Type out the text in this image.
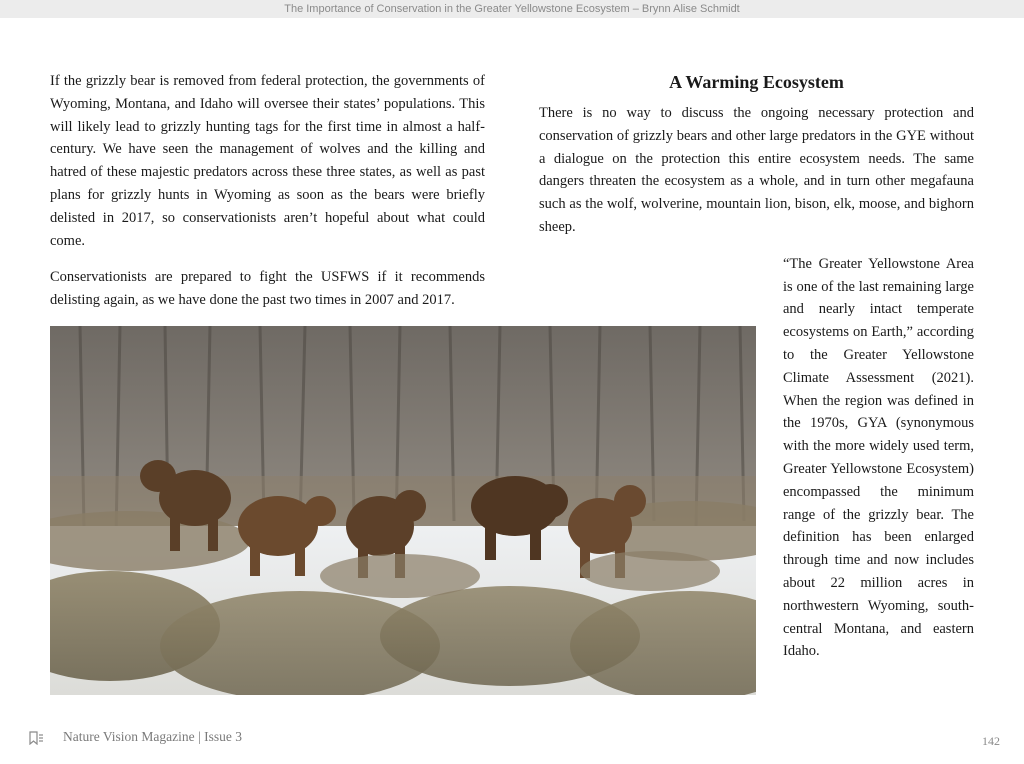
The Importance of Conservation in the Greater Yellowstone Ecosystem – Brynn Alise Schmidt

If the grizzly bear is removed from federal protection, the governments of Wyoming, Montana, and Idaho will oversee their states’ populations. This will likely lead to grizzly hunting tags for the first time in almost a half-century. We have seen the management of wolves and the killing and hatred of these majestic predators across these three states, as well as past plans for grizzly hunts in Wyoming as soon as the bears were briefly delisted in 2017, so conservationists aren’t hopeful about what could come.

Conservationists are prepared to fight the USFWS if it recommends delisting again, as we have done the past two times in 2007 and 2017.

A Warming Ecosystem

There is no way to discuss the ongoing necessary protection and conservation of grizzly bears and other large predators in the GYE without a dialogue on the protection this entire ecosystem needs. The same dangers threaten the ecosystem as a whole, and in turn other megafauna such as the wolf, wolverine, mountain lion, bison, elk, moose, and bighorn sheep.

“The Greater Yellowstone Area is one of the last remaining large and nearly intact temperate ecosystems on Earth,” according to the Greater Yellowstone Climate Assessment (2021). When the region was defined in the 1970s, GYA (synonymous with the more widely used term, Greater Yellowstone Ecosystem) encompassed the minimum range of the grizzly bear. The definition has been enlarged through time and now includes about 22 million acres in northwestern Wyoming, south-central Montana, and eastern Idaho.

Nature Vision Magazine | Issue 3	142
